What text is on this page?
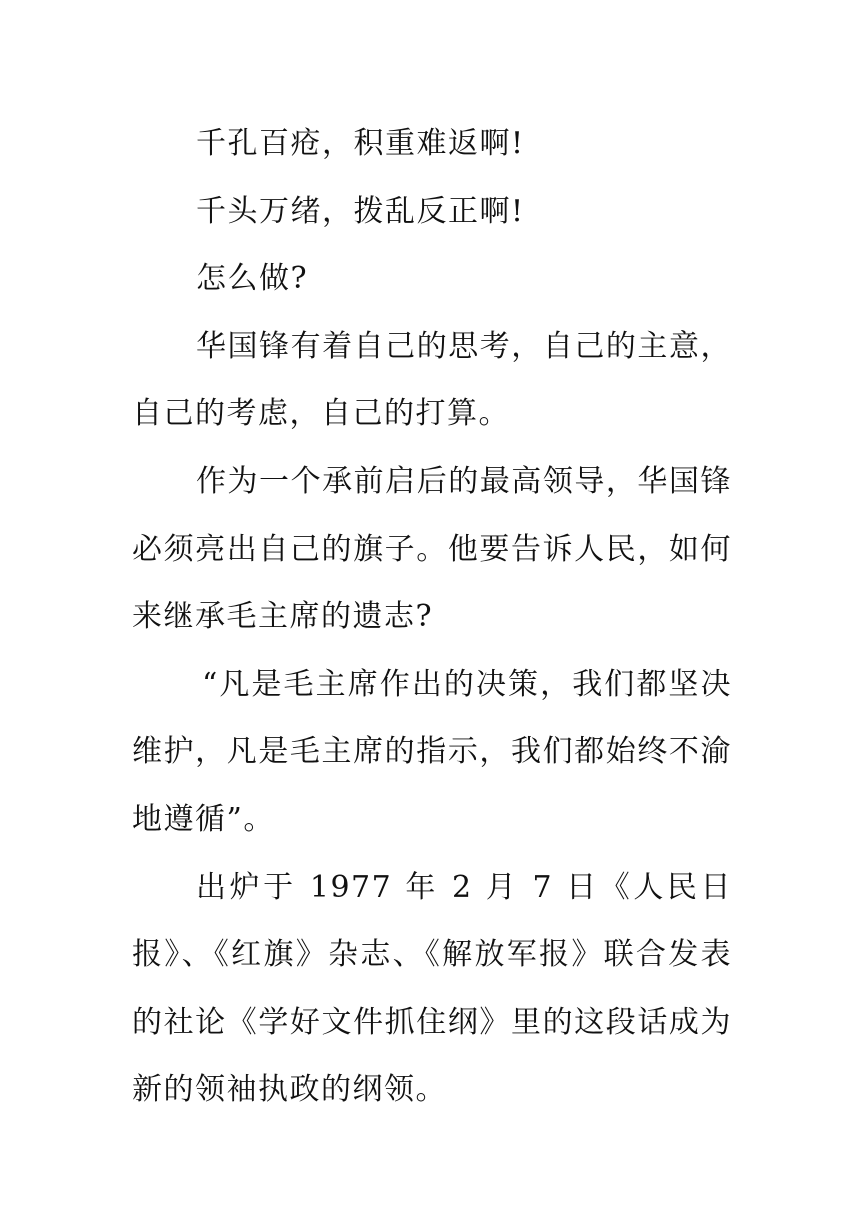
千孔百疮，积重难返啊!

千头万绪，拨乱反正啊!

怎么做?

华国锋有着自己的思考，自己的主意，自己的考虑，自己的打算。

作为一个承前启后的最高领导，华国锋必须亮出自己的旗子。他要告诉人民，如何来继承毛主席的遗志?

“凡是毛主席作出的决策，我们都坚决维护，凡是毛主席的指示，我们都始终不渝地遵循”。

出炉于 1977 年 2 月 7 日《人民日报》、《红旗》杂志、《解放军报》联合发表的社论《学好文件抓住纲》里的这段话成为新的领袖执政的纲领。
